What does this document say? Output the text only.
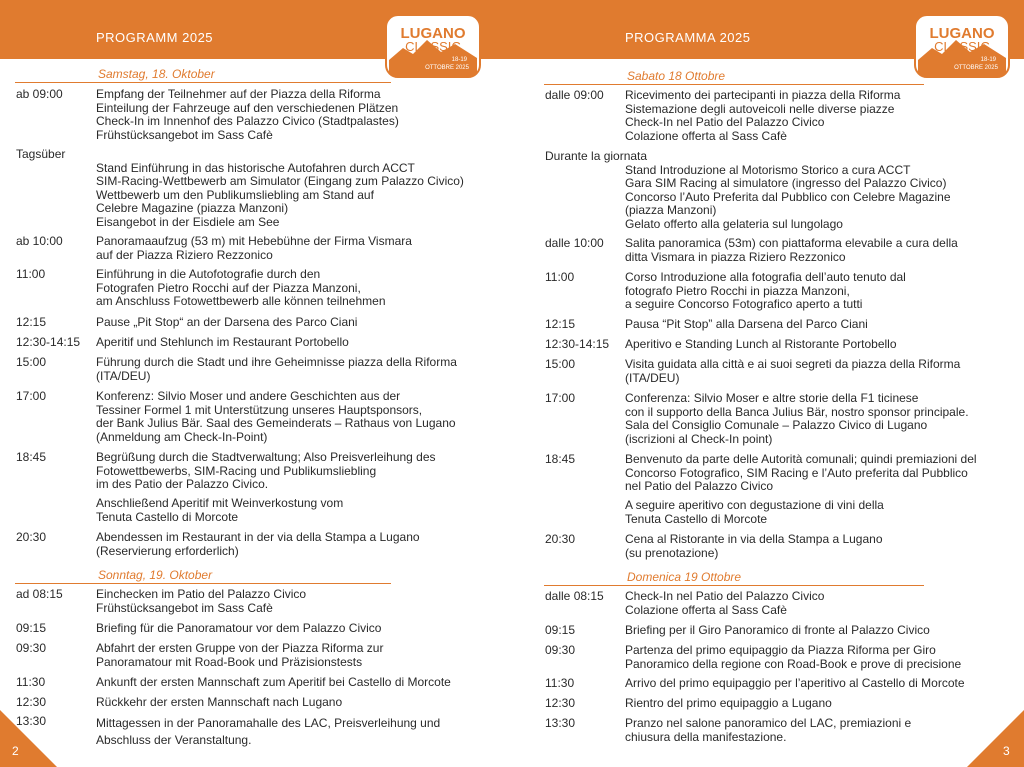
PROGRAMM 2025	LUGANO
CLASSIC
18-19
OTTOBRE 2025
Samstag, 18. Oktober
ab 09:00	Empfang der Teilnehmer auf der Piazza della Riforma
Einteilung der Fahrzeuge auf den verschiedenen Plätzen
Check-In im Innenhof des Palazzo Civico (Stadtpalastes)
Frühstücksangebot im Sass Cafè
Tagsüber
Stand Einführung in das historische Autofahren durch ACCT
SIM-Racing-Wettbewerb am Simulator (Eingang zum Palazzo Civico)
Wettbewerb um den Publikumsliebling am Stand auf
Celebre Magazine (piazza Manzoni)
Eisangebot in der Eisdiele am See
ab 10:00	Panoramaaufzug (53 m) mit Hebebühne der Firma Vismara
auf der Piazza Riziero Rezzonico
11:00	Einführung in die Autofotografie durch den
Fotografen Pietro Rocchi auf der Piazza Manzoni,
am Anschluss Fotowettbewerb alle können teilnehmen
12:15	Pause „Pit Stop“ an der Darsena des Parco Ciani
12:30-14:15 Aperitif und Stehlunch im Restaurant Portobello
15:00	Führung durch die Stadt und ihre Geheimnisse piazza della Riforma
(ITA/DEU)
17:00	Konferenz: Silvio Moser und andere Geschichten aus der
Tessiner Formel 1 mit Unterstützung unseres Hauptsponsors,
der Bank Julius Bär. Saal des Gemeinderats – Rathaus von Lugano
(Anmeldung am Check-In-Point)
18:45	Begrüßung durch die Stadtverwaltung; Also Preisverleihung des
Fotowettbewerbs, SIM-Racing und Publikumsliebling
im des Patio der Palazzo Civico.
Anschließend Aperitif mit Weinverkostung vom
Tenuta Castello di Morcote
20:30	Abendessen im Restaurant in der via della Stampa a Lugano
(Reservierung erforderlich)
Sonntag, 19. Oktober
ad 08:15	Einchecken im Patio del Palazzo Civico
Frühstücksangebot im Sass Cafè
09:15	Briefing für die Panoramatour vor dem Palazzo Civico
09:30	Abfahrt der ersten Gruppe von der Piazza Riforma zur
Panoramatour mit Road-Book und Präzisionstests
11:30	Ankunft der ersten Mannschaft zum Aperitif bei Castello di Morcote
12:30	Rückkehr der ersten Mannschaft nach Lugano
13:30	Mittagessen in der Panoramahalle des LAC, Preisverleihung und
Abschluss der Veranstaltung.
2
PROGRAMMA 2025	LUGANO
CLASSIC
18-19
OTTOBRE 2025
Sabato 18 Ottobre
dalle 09:00 Ricevimento dei partecipanti in piazza della Riforma
Sistemazione degli autoveicoli nelle diverse piazze
Check-In nel Patio del Palazzo Civico
Colazione offerta al Sass Cafè
Durante la giornata
Stand Introduzione al Motorismo Storico a cura ACCT
Gara SIM Racing al simulatore (ingresso del Palazzo Civico)
Concorso l’Auto Preferita dal Pubblico con Celebre Magazine
(piazza Manzoni)
Gelato offerto alla gelateria sul lungolago
dalle 10:00 Salita panoramica (53m) con piattaforma elevabile a cura della
ditta Vismara in piazza Riziero Rezzonico
11:00	Corso Introduzione alla fotografia dell’auto tenuto dal
fotografo Pietro Rocchi in piazza Manzoni,
a seguire Concorso Fotografico aperto a tutti
12:15	Pausa “Pit Stop” alla Darsena del Parco Ciani
12:30-14:15 Aperitivo e Standing Lunch al Ristorante Portobello
15:00	Visita guidata alla città e ai suoi segreti da piazza della Riforma
(ITA/DEU)
17:00	Conferenza: Silvio Moser e altre storie della F1 ticinese
con il supporto della Banca Julius Bär, nostro sponsor principale.
Sala del Consiglio Comunale – Palazzo Civico di Lugano
(iscrizioni al Check-In point)
18:45	Benvenuto da parte delle Autorità comunali; quindi premiazioni del
Concorso Fotografico, SIM Racing e l’Auto preferita dal Pubblico
nel Patio del Palazzo Civico
A seguire aperitivo con degustazione di vini della
Tenuta Castello di Morcote
20:30	Cena al Ristorante in via della Stampa a Lugano
(su prenotazione)
Domenica 19 Ottobre
dalle 08:15 Check-In nel Patio del Palazzo Civico
Colazione offerta al Sass Cafè
09:15	Briefing per il Giro Panoramico di fronte al Palazzo Civico
09:30	Partenza del primo equipaggio da Piazza Riforma per Giro
Panoramico della regione con Road-Book e prove di precisione
11:30	Arrivo del primo equipaggio per l’aperitivo al Castello di Morcote
12:30	Rientro del primo equipaggio a Lugano
13:30	Pranzo nel salone panoramico del LAC, premiazioni e
chiusura della manifestazione.
3
